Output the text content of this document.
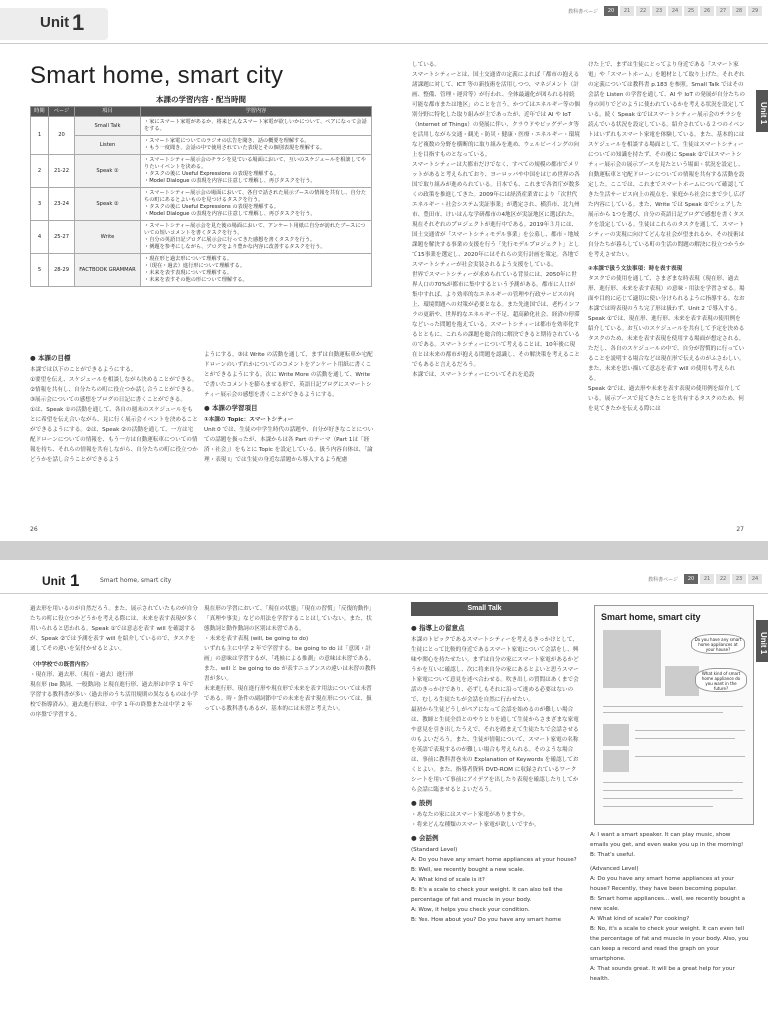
Unit 1	教科書ページ	20	21	22	23	24	25	26	27	28	29
Unit 1
Smart home, smart city
本課の学習内容・配当時間
時間	ページ	項目	学習内容
1	20	Small Talk	・家にスマート家電があるか、将来どんなスマート家電が欲しいかについて、ペアになって会話をする。
		Listen	・スマート家電についてのラジオの広告を聞き、話の概要を理解する。
・もう一度聞き、会話の中で使用されていた表現とその個別表現を理解する。
2	21-22	Speak ①	・スマートシティー展示会のチラシを見ている場面において、互いのスケジュールを相談してやりたいイベントを決める。
・タスクの後に Useful Expressions の表現を理解する。
・Model Dialogue の表現を内容に注意して理解し、再びタスクを行う。
3	23-24	Speak ②	・スマートシティー展示会の場面において、各自で話された展示ブースの情報を共有し、自分たちの町にあるとよいものを見つけるタスクを行う。
・タスクの後に Useful Expressions の表現を理解する。
・Model Dialogue の表現を内容に注意して理解し、再びタスクを行う。
4	25-27	Write	・スマートシティー展示会を見た後の場面において、アンケート用紙に自分が訪れたブースについての短いコメントを書くタスクを行う。
・自分の英語日記ブログに展示会に行ってきた感想を書くタスクを行う。
・例題を参考にしながら、ブログをより豊かな内容に改善するタスクを行う。
5	28-29	FACTBOOK GRAMMAR	・現在形と過去形について理解する。
・（現在・過去）進行形について理解する。
・未来を表す表現について理解する。
・未来を表すその他の形について理解する。
● 本課の目標
本課では以下のことができるようにする。
①要望を伝え、スケジュールを相談しながら決めることができる。
②情報を共有し、自分たちの町に役立つか話し合うことができる。
③展示会についての感想をブログの日記に書くことができる。
①は、Speak ①の活動を通して、各自の週末のスケジュールをもとに希望を伝え合いながら、見に行く展示会イベントを決めることができるようにする。②は、Speak ②の活動を通して、一方は宅配ドローンについての情報を、もう一方は自動運転車についての情報を持ち、それらの情報を共有しながら、自分たちの町に役立つかどうかを話し合うことができるよう
ようにする。③は Write の活動を通して、まずは自動運転車か宅配ドローンのいずれかについてのコメントをアンケート用紙に書くことができるようにする。次に Write More の活動を通して、Write で書いたコメントを膨らませる形で、英語日記ブログにスマートシティー展示会の感想を書くことができるようにする。
● 本課の学習項目
①本課の Topic：スマートシティー
Unit 0 では、生徒の中学生時代の話題や、自分が好きなことについての話題を扱ったが、本課からは各 Part のテーマ（Part 1は「経済・社会」）をもとに Topic を設定している。扱う内容自体は、「論理・表現 I」では生徒の身近な話題から導入するよう配慮
している。
スマートシティーとは、国土交通省の定義によれば「都市の抱える諸課題に対して、ICT 等の新技術を活用しつつ、マネジメント（計画、整備、管理・運営等）が行われ、全体最適化が図られる持続可能な都市または地区」のことを言う。かつてはエネルギー等の個別分野に特化した取り組みが主であったが、近年では AI や IoT（Internet of Things）の発展に伴い、クラウドやビッグデータ等を活用しながら交通・観光・防災・健康・医療・エネルギー・環境など複数の分野を横断的に取り組みを進め、ウェルビーイングの向上を目指すものとなっている。
スマートシティーは大都市だけでなく、すべての規模の都市でメリットがあると考えられており、ヨーロッパや中国をはじめ世界の各国で取り組みが進められている。日本でも、これまで各省庁が数多くの政策を推進してきた。2009年には経済産業省により「次世代エネルギー・社会システム実証事業」が選定され、横浜市、北九州市、豊田市、けいはんな学研都市の4地区が実証地区に選ばれた。現在それぞれのプロジェクトが進行中である。2019年３月には、国土交通省が「スマートシティモデル事業」を公募し、都市・地域課題を解決する事業の支援を行う「先行モデルプロジェクト」として15事業を選定し、2020年にはそれらの実行計画を策定。各地でスマートシティーが社会実装されるよう支援をしている。
世界でスマートシティーが求められている背景には、2050年に世界人口の70%が都市に集中するという予測がある。都市に人口が集中すれば、より効率的なエネルギーの管理や行政サービスの向上、環境問題への対策が必要となる。また先進国では、老朽インフラの更新や、世界的なエネルギー不足、超高齢化社会、経済の停滞などいった問題を抱えている。スマートシティーは都市を効率化するとともに、これらの課題を総合的に解決できると期待されているのである。スマートシティーについて考えることは、10年後に現在とは未来の都市が抱える問題を認識し、その解決策を考えることでもあると言えるだろう。
本課では、スマートシティーについてそれを追設
けた上で、まずは生徒にとってより身近である「スマート家電」や「スマートホーム」を題材として取り上げた。それぞれの定義については教科書 p.183 を参照。Small Talk ではその会話を Listen の学習を通して、AI や IoT の発展が自分たちの身の回りでどのように使われているかを考える状況を設定している。続く Speak ①ではスマートシティー展示会のチラシを読んでいる状況を設定している。紹介されている２つのイベントはいずれもスマート家電を体験している。また、基本的にはスケジュールを相談する場面として、生徒はスマートシティーについての知識を持たず、その後に Speak ②ではスマートシティー展示会の展示ブースを見たという場面・状況を設定し、自動運転車と宅配ドローンについての情報を共有する活動を設定した。ここでは、これまでスマートホームについて確認してきた生活サービス向上の視点を、家庭から社会にまで少し広げた内容にしている。また、Write では Speak ②でシェアした展示から 1つを選び、自分の英語日記ブログで感想を書くタスクを設定している。生徒はこれらのタスクを通して、スマートシティーの実現に向けてどんな社会が望まれるか、その技術は自分たちが暮らしている町の生活の問題の解決に役立つかうかを考えさせたい。
②本課で扱う文法事項：時を表す表現
タスクでの使用を通して、さまざまな時表現（現在形、過去形、進行形、未来を表す表現）の意味・用法を学習させる。場面や目的に応じて適切に使い分けられるように指導する。なお本課では時表現のうち完了形は扱わず、Unit 2 で導入する。
Speak ①では、現在形、進行形、未来を表す表現の使用例を紹介している。お互いのスケジュールを共有して予定を決めるタスクのため、未来を表す表現を使用する場面が想定される。ただし、各自のスケジュールの中で、自分が習慣的に行っていることを説明する場合などは現在形で伝えるのがふさわしい。また、未来を思い描いて意志を表す will の使用も考えられる。
Speak ②では、過去形や未来を表す表現の使用例を紹介している。展示ブースで見てきたことを共有するタスクのため、何を見てきたかを伝える際には
26	27
Unit 1	Smart home, smart city	教科書ページ	20	21	22	23	24
Unit 1
過去形を用いるのが自然だろう。また、展示されていたものが自分たちの町に役立つかどうかを考える際には、未来を表す表現が多く用いられると思われる。Speak ①では意志を表す will を確認するが、Speak ②では予測を表す will を紹介しているので、タスクを通してその違いを気付かせるとよい。
〈中学校での既習内容〉
・現在形、過去形、（現在・過去）進行形
現在形 (be 動詞、一般動詞) と現在進行形、過去形は中学 1 年で学習する教科書が多い（過去形のうち活用規則の異なるものは小学校で指導済み）。過去進行形は、中学 1 年の終盤または中学 2 年の序盤で学習する。
現在形の学習において、「現在の状態」「現在の習慣」「反復的動作」「真理や事実」などの用法を学習することはしていない。また、状態動詞と動作動詞の区別は未習である。
・未来を表す表現 (will, be going to do)
いずれも主に中学 2 年で学習する。be going to do は「意図・計画」の意味は学習するが、「兆候による推測」の意味は未習である。また、will と be going to do が表すニュアンスの違いは未習の教科書が多い。
未来進行形、現在進行形や現在形で未来を表す用法については未習である。時・条件の副詞節中での未来を表す現在形については、扱っている教科書もあるが、基本的には未習と考えたい。
Small Talk
● 指導上の留意点
本課のトピックであるスマートシティーを考えるきっかけとして、生徒にとって比較的身近であるスマート家電について会話をし、興味や関心を持たせたい。まずは自分の家にスマート家電があるかどうかを互いに確認し、次に将来自分の家にあるとよいと思うスマート家電について意見を述べ合わせる。吹き出しの質問はあくまで会話のきっかけであり、必ずしもそれに沿って進める必要はないので、むしろ生徒たちが会話を自然に行わせたい。
最初から生徒どうしがペアになって会話を始めるのが難しい場合は、教師と生徒全員とのやりとりを通して生徒からさまざまな家電や意見を引き出したうえで、それを踏まえて生徒たちで会話させるのもよいだろう。また、生徒が情報について、スマート家電の名称を英語で表現するのが難しい場合も考えられる。そのような場合は、事前に教科書巻末の Explanation of Keywords を確認しておくとよい。また、指導者資料 DVD-ROM に収録されているワークシートを用いて事前にアイデアを出したり表現を確認したりしてから会話に臨ませるとよいだろう。
● 設例
・あなたの家にはスマート家電がありますか。
・将来どんな種類のスマート家電が欲しいですか。
● 会話例
(Standard Level)
A: Do you have any smart home appliances at your house?
B: Well, we recently bought a new scale.
A: What kind of scale is it?
B: It's a scale to check your weight. It can also tell the percentage of fat and muscle in your body.
A: Wow, it helps you check your condition.
B: Yes. How about you? Do you have any smart home
Smart home, smart city
Do you have any smart home appliances at your house?
What kind of smart home appliance do you want in the future?
A: I want a smart speaker. It can play music, show emails you get, and even wake you up in the morning!
B: That's useful.
(Advanced Level)
A: Do you have any smart home appliances at your house? Recently, they have been becoming popular.
B: Smart home appliances... well, we recently bought a new scale.
A: What kind of scale? For cooking?
B: No, it's a scale to check your weight. It can even tell the percentage of fat and muscle in your body. Also, you can keep a record and read the graph on your smartphone.
A: That sounds great. It will be a great help for your health.
